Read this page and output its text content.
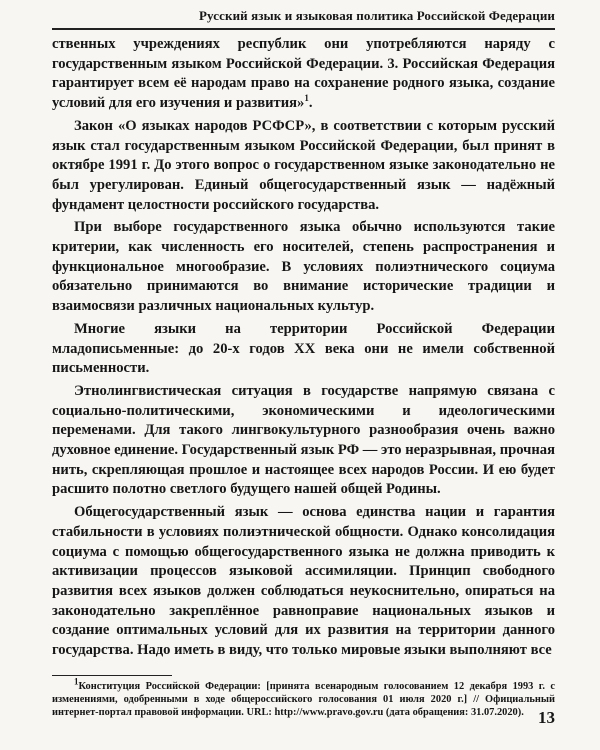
Русский язык и языковая политика Российской Федерации

ственных учреждениях республик они употребляются наряду с государственным языком Российской Федерации. 3. Российская Федерация гарантирует всем её народам право на сохранение родного языка, создание условий для его изучения и развития»$^1$.

Закон «О языках народов РСФСР», в соответствии с которым русский язык стал государственным языком Российской Федерации, был принят в октябре 1991 г. До этого вопрос о государственном языке законодательно не был урегулирован. Единый общегосударственный язык — надёжный фундамент целостности российского государства.

При выборе государственного языка обычно используются такие критерии, как численность его носителей, степень распространения и функциональное многообразие. В условиях полиэтнического социума обязательно принимаются во внимание исторические традиции и взаимосвязи различных национальных культур.

Многие языки на территории Российской Федерации младописьменные: до 20-х годов XX века они не имели собственной письменности.

Этнолингвистическая ситуация в государстве напрямую связана с социально-политическими, экономическими и идеологическими переменами. Для такого лингвокультурного разнообразия очень важно духовное единение. Государственный язык РФ — это неразрывная, прочная нить, скрепляющая прошлое и настоящее всех народов России. И ею будет расшито полотно светлого будущего нашей общей Родины.

Общегосударственный язык — основа единства нации и гарантия стабильности в условиях полиэтнической общности. Однако консолидация социума с помощью общегосударственного языка не должна приводить к активизации процессов языковой ассимиляции. Принцип свободного развития всех языков должен соблюдаться неукоснительно, опираться на законодательно закреплённое равноправие национальных языков и создание оптимальных условий для их развития на территории данного государства. Надо иметь в виду, что только мировые языки выполняют все

$^1$Конституция Российской Федерации: [принята всенародным голосованием 12 декабря 1993 г. с изменениями, одобренными в ходе общероссийского голосования 01 июля 2020 г.] // Официальный интернет-портал правовой информации. URL: http://www.pravo.gov.ru (дата обращения: 31.07.2020). 13
